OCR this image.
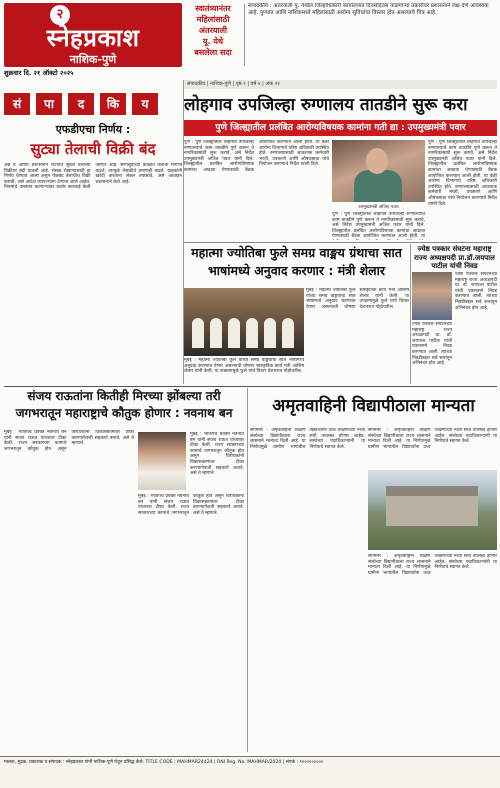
२
स्नेहप्रकाश
नाशिक-पुणे
स्वातंत्र्यानंतर
महिलांसाठी
अंतरयाली
यू. येथे
बसलेला सदा
संपादकीय : अंतरवाली यू. येथील जिल्हाधिकारी कार्यालयात दिवसेंदिवस वाढणाऱ्या तक्रारींवर प्रशासनाने लक्ष देणे आवश्यक आहे. पुण्यात आणि नाशिकमध्ये महिलांसाठी आरोग्य सुविधांचा विस्तार होत असल्याचे चित्र आहे.
शुक्रवार दि. २१ ऑक्टो २०२५
संपादकीय | नाशिक-पुणे | पृष्ठ २ | वर्ष ४ | अंक २१
सं	पा	द	कि	य	लोहगाव उपजिल्हा रुग्णालय तातडीने सुरू करा
पुणे जिल्ह्यातील प्रलंबित आरोग्यविषयक कामांना गती द्या : उपमुख्यमंत्री पवार
पुणे : पुणे जिल्ह्यातील लोहगाव उपजिल्हा रुग्णालयाचे काम तातडीने पूर्ण करून ते नागरिकांसाठी सुरू करावे, असे निर्देश उपमुख्यमंत्री अजित पवार यांनी दिले. जिल्ह्यातील प्रलंबित आरोग्यविषयक कामांचा आढावा घेण्यासाठी बैठक आयोजित करण्यात आली होती. या वेळी आरोग्य विभागाचे वरिष्ठ अधिकारी उपस्थित होते. रुग्णालयासाठी आवश्यक कर्मचारी भरती, उपकरणे आणि औषधसाठा यांचे नियोजन करण्याचे निर्देश त्यांनी दिले.
उपमुख्यमंत्री अजित पवार
पुणे : पुणे जिल्ह्यातील लोहगाव उपजिल्हा रुग्णालयाचे काम तातडीने पूर्ण करून ते नागरिकांसाठी सुरू करावे, असे निर्देश उपमुख्यमंत्री अजित पवार यांनी दिले. जिल्ह्यातील प्रलंबित आरोग्यविषयक कामांचा आढावा घेण्यासाठी बैठक आयोजित करण्यात आली होती. या
पुणे : पुणे जिल्ह्यातील लोहगाव उपजिल्हा रुग्णालयाचे काम तातडीने पूर्ण करून ते नागरिकांसाठी सुरू करावे, असे निर्देश उपमुख्यमंत्री अजित पवार यांनी दिले. जिल्ह्यातील प्रलंबित आरोग्यविषयक कामांचा आढावा घेण्यासाठी बैठक आयोजित करण्यात आली होती. या वेळी आरोग्य विभागाचे वरिष्ठ अधिकारी उपस्थित होते. रुग्णालयासाठी आवश्यक कर्मचारी भरती, उपकरणे आणि औषधसाठा यांचे नियोजन करण्याचे निर्देश त्यांनी दिले.
एफडीएचा निर्णय :
सुट्या तेलाची विक्री बंद
अन्न व औषध प्रशासनाने राज्यात सुट्या तेलाच्या विक्रीवर बंदी घातली आहे. भेसळ रोखण्यासाठी हा निर्णय घेण्यात आला असून पॅकबंद तेलाचीच विक्री करावी, असे आदेश व्यापाऱ्यांना देण्यात आले आहेत. नियमांचे उल्लंघन करणाऱ्यांवर कठोर कारवाई केली जाणार आहे. सणासुदीच्या काळात तेलाची मागणी वाढते, त्यामुळे भेसळीचे प्रमाणही वाढते. ग्राहकांनी खरेदी करताना लेबल तपासावे, असे आवाहन प्रशासनाने केले आहे.
महात्मा ज्योतिबा फुले समग्र वाङ्मय ग्रंथाचा सात भाषांमध्ये अनुवाद करणार : मंत्री शेलार
मुंबई : महात्मा ज्योतिबा फुले यांच्या समग्र वाङ्मयाचा सात भाषांमध्ये अनुवाद करण्यात येणार असल्याची घोषणा सांस्कृतिक कार्य मंत्री आशिष शेलार यांनी केली. या उपक्रमामुळे फुले यांचे विचार देशभरात पोहोचतील.
मुंबई : महात्मा ज्योतिबा फुले यांच्या समग्र वाङ्मयाचा सात भाषांमध्ये अनुवाद करण्यात येणार असल्याची घोषणा सांस्कृतिक कार्य मंत्री आशिष शेलार यांनी केली. या उपक्रमामुळे फुले यांचे विचार देशभरात पोहोचतील.
ज्येष्ठ पत्रकार संघटना महाराष्ट्र राज्य अध्यक्षपदी प्रा.डॉ.जयपाल पाटील यांची निवड
ज्येष्ठ पत्रकार संघटनेच्या महाराष्ट्र राज्य अध्यक्षपदी प्रा. डॉ. जयपाल पाटील यांची एकमताने निवड करण्यात आली. त्यांच्या निवडीबद्दल सर्व स्तरांतून अभिनंदन होत आहे.
ज्येष्ठ पत्रकार संघटनेच्या महाराष्ट्र राज्य अध्यक्षपदी प्रा. डॉ. जयपाल पाटील यांची एकमताने निवड करण्यात आली. त्यांच्या निवडीबद्दल सर्व स्तरांतून अभिनंदन होत आहे.
संजय राऊतांना कितीही मिरच्या झोंबल्या तरी जगभरातून महाराष्ट्राचे कौतुक होणार : नवनाथ बन
मुंबई : भाजपचे प्रवक्ते नवनाथ बन यांनी संजय राऊत यांच्यावर टीका केली. राज्य सरकारच्या कामाचे जगभरातून कौतुक होत असून विरोधकांनी विकासकामांवर टीका करण्याऐवजी सहकार्य करावे, असे ते म्हणाले.
मुंबई : भाजपचे प्रवक्ते नवनाथ बन यांनी संजय राऊत यांच्यावर टीका केली. राज्य सरकारच्या कामाचे जगभरातून कौतुक होत असून विरोधकांनी विकासकामांवर टीका करण्याऐवजी सहकार्य करावे, असे ते म्हणाले.
मुंबई : भाजपचे प्रवक्ते नवनाथ बन यांनी संजय राऊत यांच्यावर टीका केली. राज्य सरकारच्या कामाचे जगभरातून कौतुक होत असून विरोधकांनी विकासकामांवर टीका करण्याऐवजी सहकार्य करावे, असे ते म्हणाले.
अमृतवाहिनी विद्यापीठाला मान्यता
संगमनेर : अमृतवाहिनी शिक्षण संस्थेच्या विद्यापीठाला राज्य शासनाने मान्यता दिली आहे. या निर्णयामुळे ग्रामीण भागातील विद्यार्थ्यांना उच्च शिक्षणाच्या नव्या संधी उपलब्ध होणार आहेत. संस्थेच्या पदाधिकाऱ्यांनी या निर्णयाचे स्वागत केले.
संगमनेर : अमृतवाहिनी शिक्षण संस्थेच्या विद्यापीठाला राज्य शासनाने मान्यता दिली आहे. या निर्णयामुळे ग्रामीण भागातील विद्यार्थ्यांना उच्च शिक्षणाच्या नव्या संधी उपलब्ध होणार आहेत. संस्थेच्या पदाधिकाऱ्यांनी या निर्णयाचे स्वागत केले.
संगमनेर : अमृतवाहिनी शिक्षण संस्थेच्या विद्यापीठाला राज्य शासनाने मान्यता दिली आहे. या निर्णयामुळे ग्रामीण भागातील विद्यार्थ्यांना उच्च शिक्षणाच्या नव्या संधी उपलब्ध होणार आहेत. संस्थेच्या पदाधिकाऱ्यांनी या निर्णयाचे स्वागत केले.
मालक, मुद्रक, प्रकाशक व संपादक : स्नेहप्रकाश यांनी नाशिक-पुणे येथून प्रसिद्ध केले. TITLE CODE : MAHMAR24424 | RNI Reg. No. MAHMAR/2024 | संपर्क : ९०००००००००
